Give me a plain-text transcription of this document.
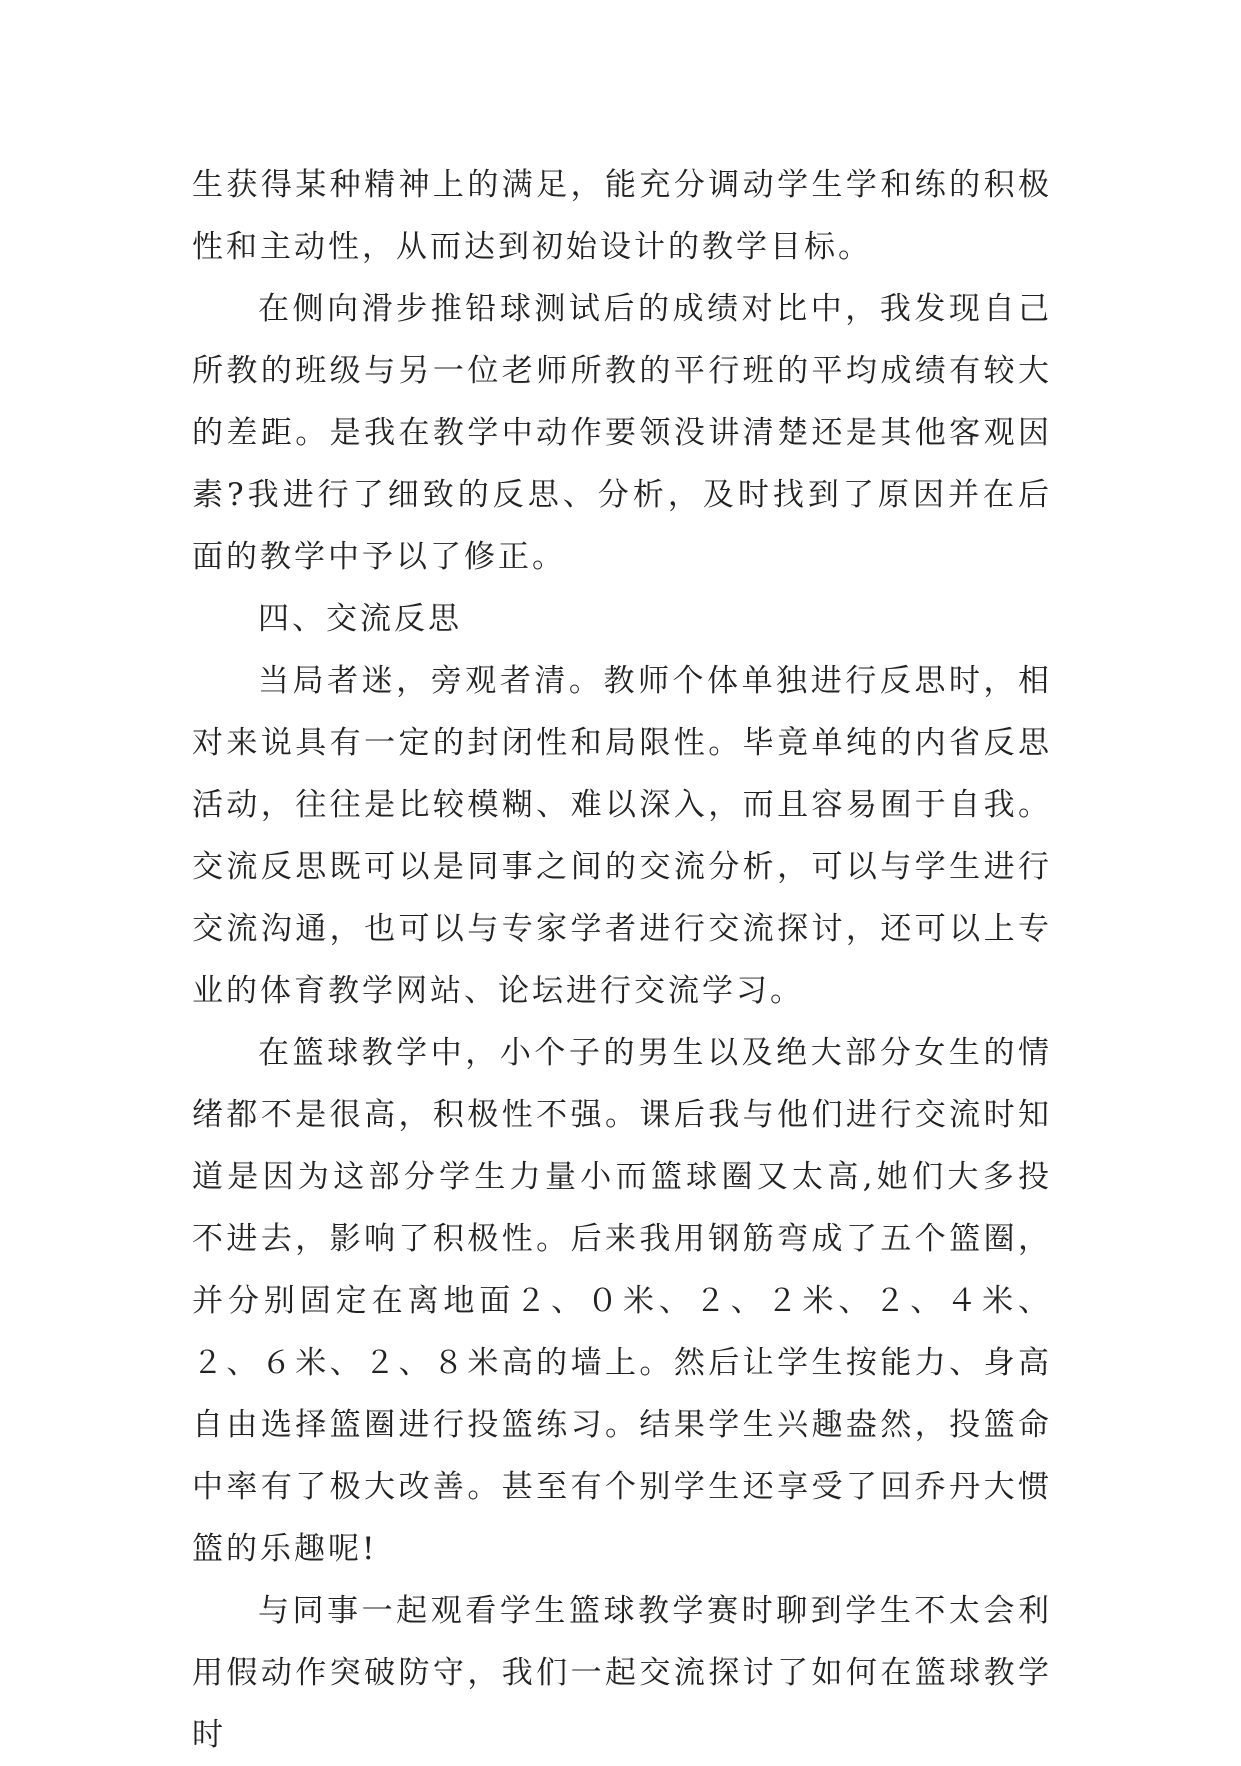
生获得某种精神上的满足，能充分调动学生学和练的积极性和主动性，从而达到初始设计的教学目标。

在侧向滑步推铅球测试后的成绩对比中，我发现自己所教的班级与另一位老师所教的平行班的平均成绩有较大的差距。是我在教学中动作要领没讲清楚还是其他客观因素?我进行了细致的反思、分析，及时找到了原因并在后面的教学中予以了修正。

四、交流反思

当局者迷，旁观者清。教师个体单独进行反思时，相对来说具有一定的封闭性和局限性。毕竟单纯的内省反思活动，往往是比较模糊、难以深入，而且容易囿于自我。交流反思既可以是同事之间的交流分析，可以与学生进行交流沟通，也可以与专家学者进行交流探讨，还可以上专业的体育教学网站、论坛进行交流学习。

在篮球教学中，小个子的男生以及绝大部分女生的情绪都不是很高，积极性不强。课后我与他们进行交流时知道是因为这部分学生力量小而篮球圈又太高,她们大多投不进去，影响了积极性。后来我用钢筋弯成了五个篮圈，并分别固定在离地面２、０米、２、２米、２、４米、２、６米、２、８米高的墙上。然后让学生按能力、身高自由选择篮圈进行投篮练习。结果学生兴趣盎然，投篮命中率有了极大改善。甚至有个别学生还享受了回乔丹大惯篮的乐趣呢!

与同事一起观看学生篮球教学赛时聊到学生不太会利用假动作突破防守，我们一起交流探讨了如何在篮球教学时
